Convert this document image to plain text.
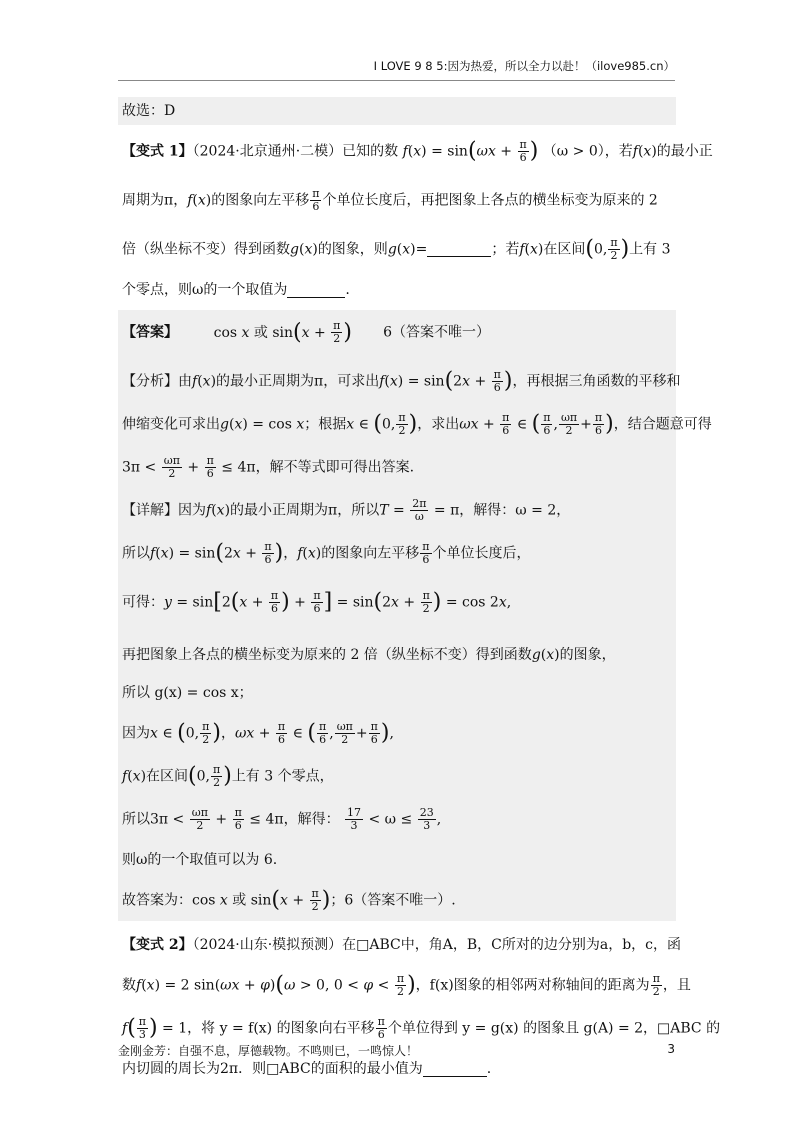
I LOVE 9 8 5:因为热爱，所以全力以赴！（ilove985.cn）
故选：D
【变式 1】（2024·北京通州·二模）已知的数 $f(x) = \sin(\omega x + \frac{\pi}{6}$ ) （ω > 0），若f(x)的最小正
周期为π，f(x)的图象向左平移 $\frac{\pi}{6}$ 个单位长度后，再把图象上各点的横坐标变为原来的 2
倍（纵坐标不变）得到函数g(x)的图象，则g(x)=	；若f(x)在区间(0, $\frac{\pi}{2}$ )上有 3
个零点，则ω的一个取值为	.
【答案】	cos x 或 $\sin(x + \frac{\pi}{2}$ ) 6（答案不唯一）
【分析】由f(x)的最小正周期为π，可求出$f(x) = \sin(2x + \frac{\pi}{6}$ )，再根据三角函数的平移和
伸缩变化可求出g(x) = cos x；根据x ∈ (0, $\frac{\pi}{2}$ )，求出$\omega x + \frac{\pi}{6}$ ∈ ( $\frac{\pi}{6}$ , $\frac{\omega\pi}{2} + \frac{\pi}{6}$ )，结合题意可得
$3\pi < \frac{\omega\pi}{2} + \frac{\pi}{6} \le 4\pi$，解不等式即可得出答案.
【详解】因为f(x)的最小正周期为π，所以$T = \frac{2\pi}{\omega} = \pi$，解得：ω = 2，
所以$f(x) = \sin(2x + \frac{\pi}{6}$ )，f(x)的图象向左平移 $\frac{\pi}{6}$ 个单位长度后，
可得：$y = \sin[2(x + \frac{\pi}{6}$ ) + $\frac{\pi}{6}$ ] = $\sin(2x + \frac{\pi}{2}$ ) = cos 2x,
再把图象上各点的横坐标变为原来的 2 倍（纵坐标不变）得到函数g(x)的图象，
所以 g(x) = cos x；
因为x ∈ (0, $\frac{\pi}{2}$ )，$\omega x + \frac{\pi}{6}$ ∈ ( $\frac{\pi}{6}$ , $\frac{\omega\pi}{2} + \frac{\pi}{6}$ ),
f(x)在区间(0, $\frac{\pi}{2}$ )上有 3 个零点，
所以$3\pi < \frac{\omega\pi}{2} + \frac{\pi}{6} \le 4\pi$，解得： $\frac{17}{3} < \omega \le \frac{23}{3}$ ,
则ω的一个取值可以为 6.
故答案为：cos x 或 $\sin(x + \frac{\pi}{2}$ )；6（答案不唯一）.
【变式 2】（2024·山东·模拟预测）在□ABC中，角A，B，C所对的边分别为a，b，c，函
数f(x) = 2 sin(ωx + φ)(ω > 0, $0 < \varphi < \frac{\pi}{2}$ )，f(x)图象的相邻两对称轴间的距离为 $\frac{\pi}{2}$ ，且
$f( \frac{\pi}{3}$ ) = 1，将 y = f(x) 的图象向右平移 $\frac{\pi}{6}$ 个单位得到 y = g(x) 的图象且 g(A) = 2，□ABC 的
内切圆的周长为2π．则□ABC的面积的最小值为	.
金刚金芳：自强不息，厚德载物。不鸣则已，一鸣惊人！	3
